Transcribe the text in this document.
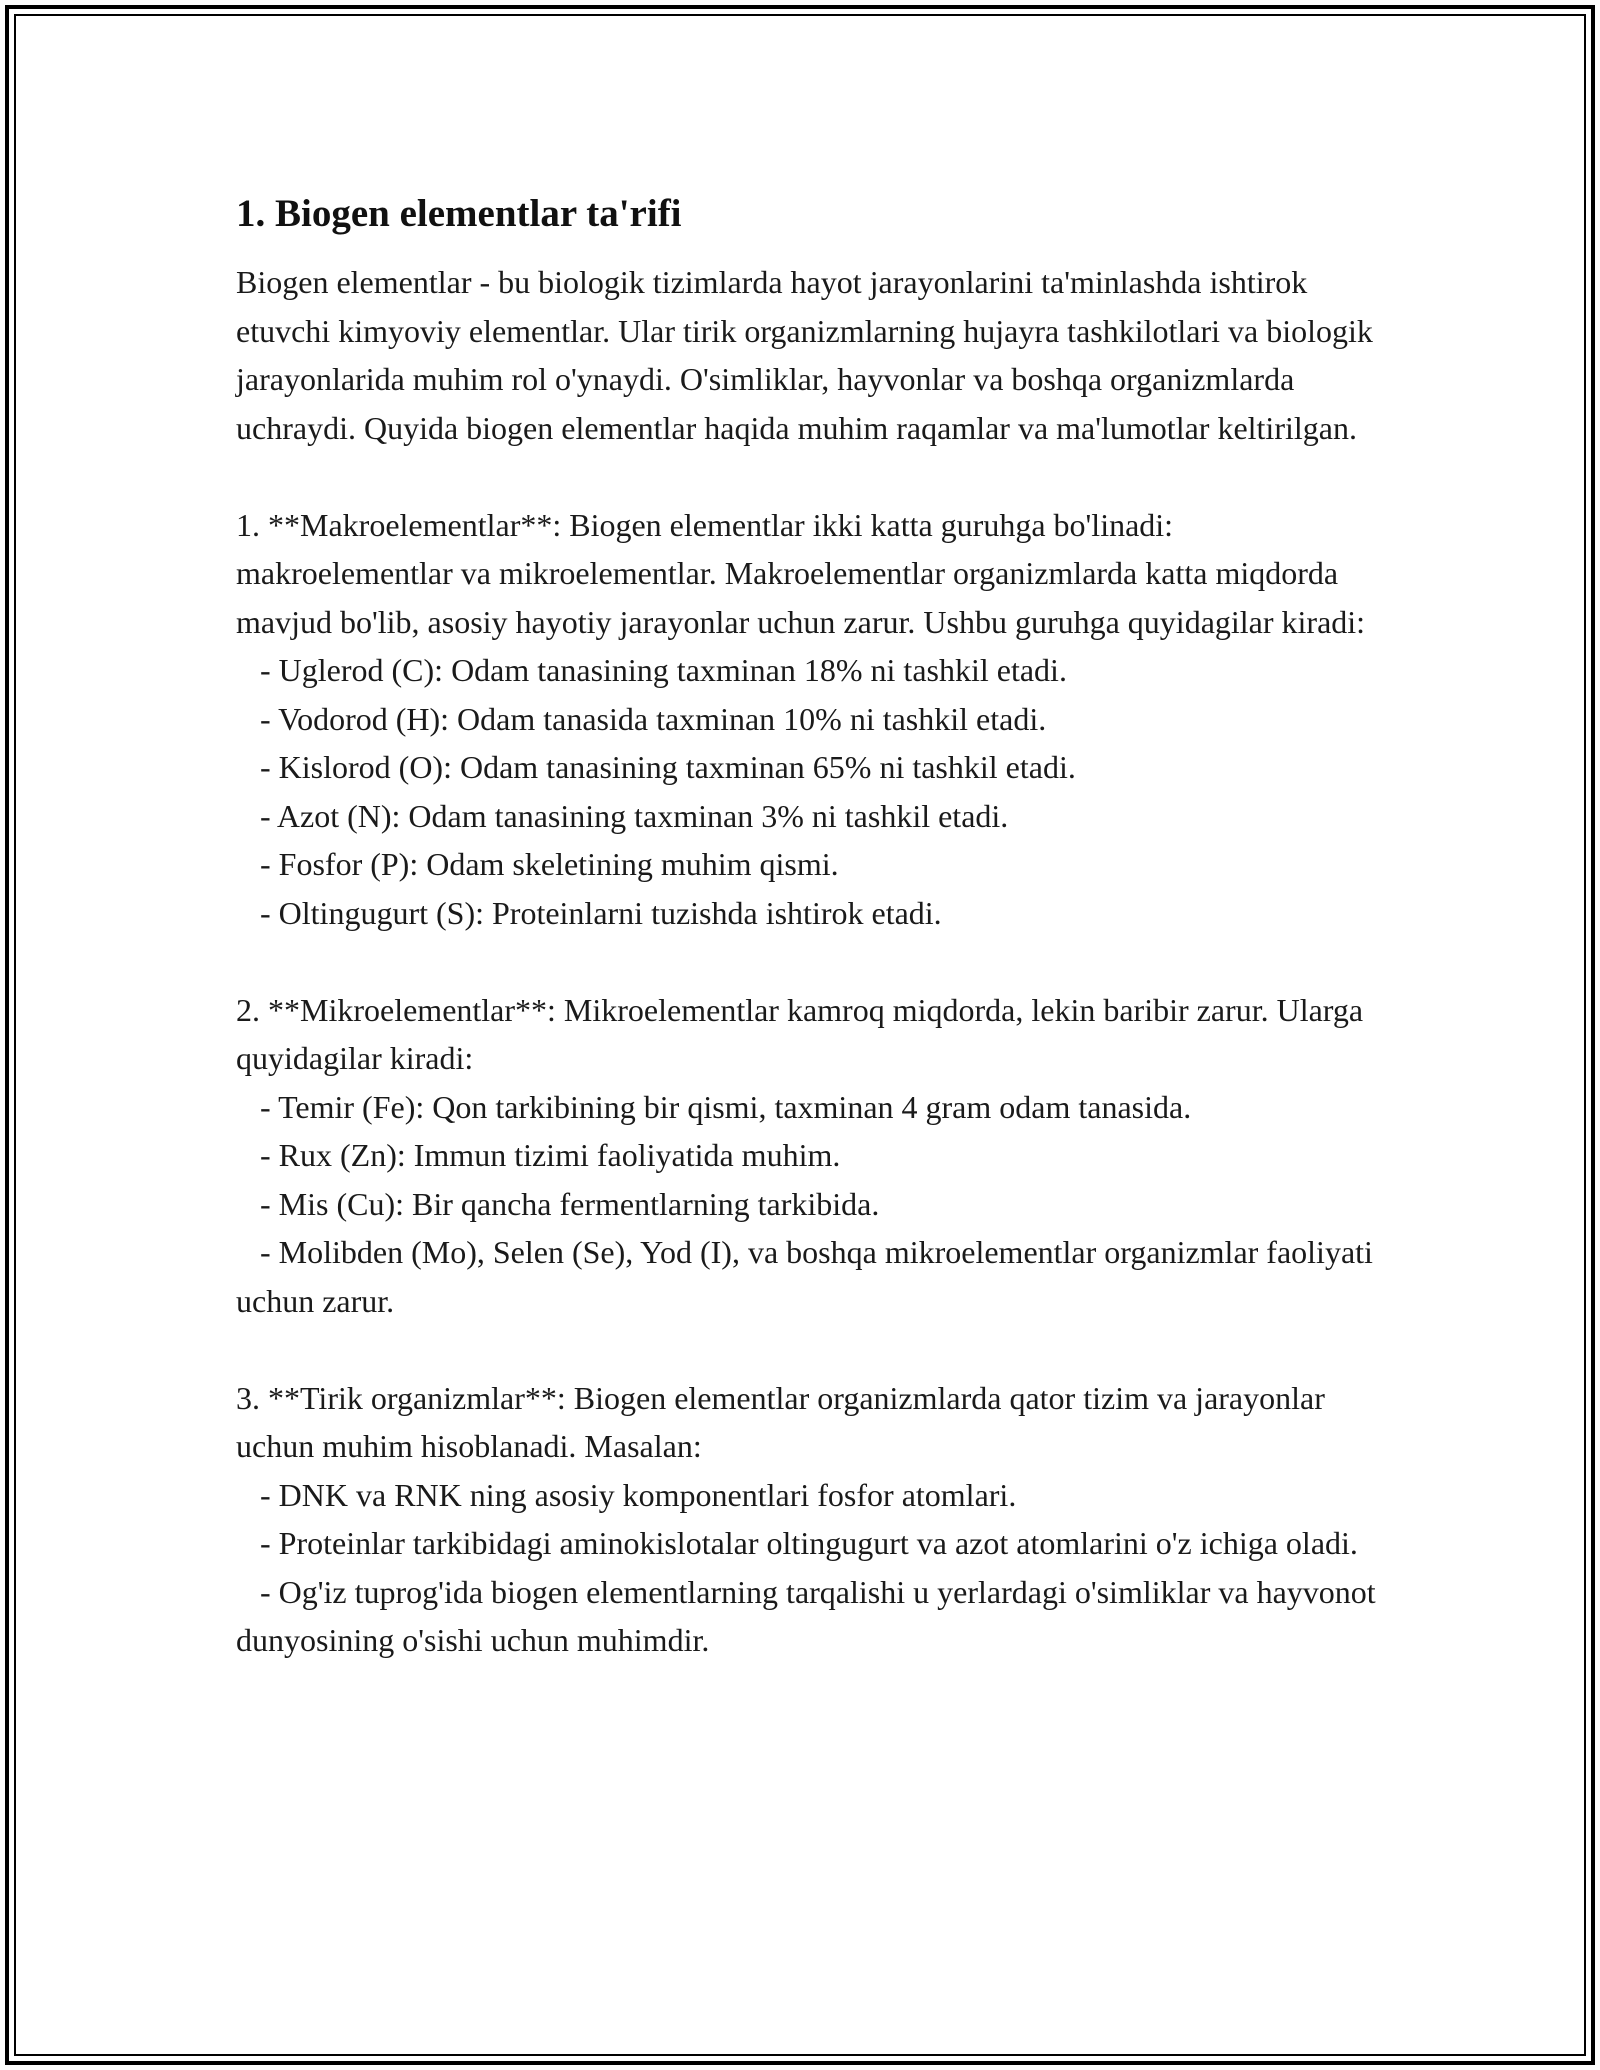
1. Biogen elementlar ta'rifi

Biogen elementlar - bu biologik tizimlarda hayot jarayonlarini ta'minlashda ishtirok etuvchi kimyoviy elementlar. Ular tirik organizmlarning hujayra tashkilotlari va biologik jarayonlarida muhim rol o'ynaydi. O'simliklar, hayvonlar va boshqa organizmlarda uchraydi. Quyida biogen elementlar haqida muhim raqamlar va ma'lumotlar keltirilgan.

1. **Makroelementlar**: Biogen elementlar ikki katta guruhga bo'linadi: makroelementlar va mikroelementlar. Makroelementlar organizmlarda katta miqdorda mavjud bo'lib, asosiy hayotiy jarayonlar uchun zarur. Ushbu guruhga quyidagilar kiradi:
- Uglerod (C): Odam tanasining taxminan 18% ni tashkil etadi.
- Vodorod (H): Odam tanasida taxminan 10% ni tashkil etadi.
- Kislorod (O): Odam tanasining taxminan 65% ni tashkil etadi.
- Azot (N): Odam tanasining taxminan 3% ni tashkil etadi.
- Fosfor (P): Odam skeletining muhim qismi.
- Oltingugurt (S): Proteinlarni tuzishda ishtirok etadi.
2. **Mikroelementlar**: Mikroelementlar kamroq miqdorda, lekin baribir zarur. Ularga quyidagilar kiradi:
- Temir (Fe): Qon tarkibining bir qismi, taxminan 4 gram odam tanasida.
- Rux (Zn): Immun tizimi faoliyatida muhim.
- Mis (Cu): Bir qancha fermentlarning tarkibida.
- Molibden (Mo), Selen (Se), Yod (I), va boshqa mikroelementlar organizmlar faoliyati uchun zarur.
3. **Tirik organizmlar**: Biogen elementlar organizmlarda qator tizim va jarayonlar uchun muhim hisoblanadi. Masalan:
- DNK va RNK ning asosiy komponentlari fosfor atomlari.
- Proteinlar tarkibidagi aminokislotalar oltingugurt va azot atomlarini o'z ichiga oladi.
- Og'iz tuprog'ida biogen elementlarning tarqalishi u yerlardagi o'simliklar va hayvonot dunyosining o'sishi uchun muhimdir.
